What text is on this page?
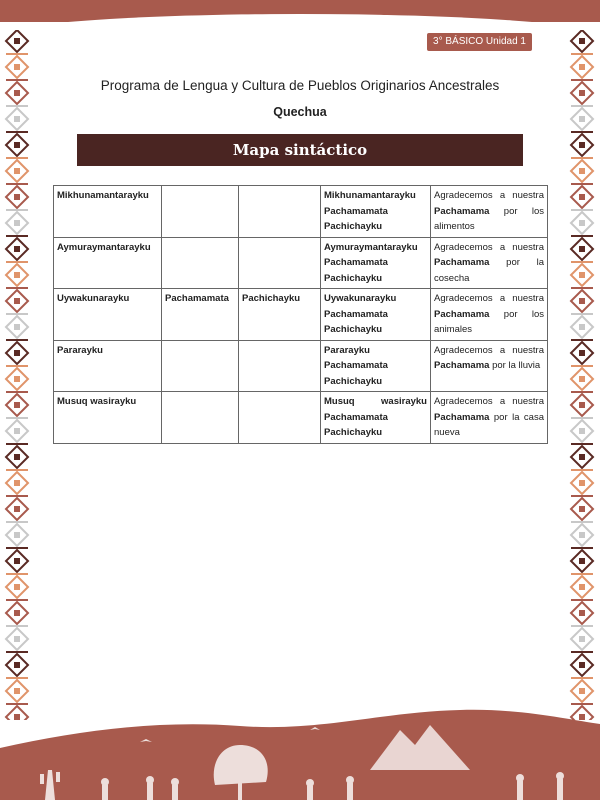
3° BÁSICO Unidad 1
Programa de Lengua y Cultura de Pueblos Originarios Ancestrales
Quechua
Mapa sintáctico
Mikhunamantarayku			Mikhunamantarayku
Pachamamata
Pachichayku	Agradecemos a nuestra Pachamama por los alimentos
Aymuraymantarayku			Aymuraymantarayku
Pachamamata
Pachichayku	Agradecemos a nuestra Pachamama por la cosecha
Uywakunarayku	Pachamamata	Pachichayku	Uywakunarayku
Pachamamata
Pachichayku	Agradecemos a nuestra Pachamama por los animales
Pararayku			Pararayku
Pachamamata
Pachichayku	Agradecemos a nuestra Pachamama por la lluvia
Musuq wasirayku			Musuq wasirayku
Pachamamata
Pachichayku	Agradecemos a nuestra Pachamama por la casa nueva
